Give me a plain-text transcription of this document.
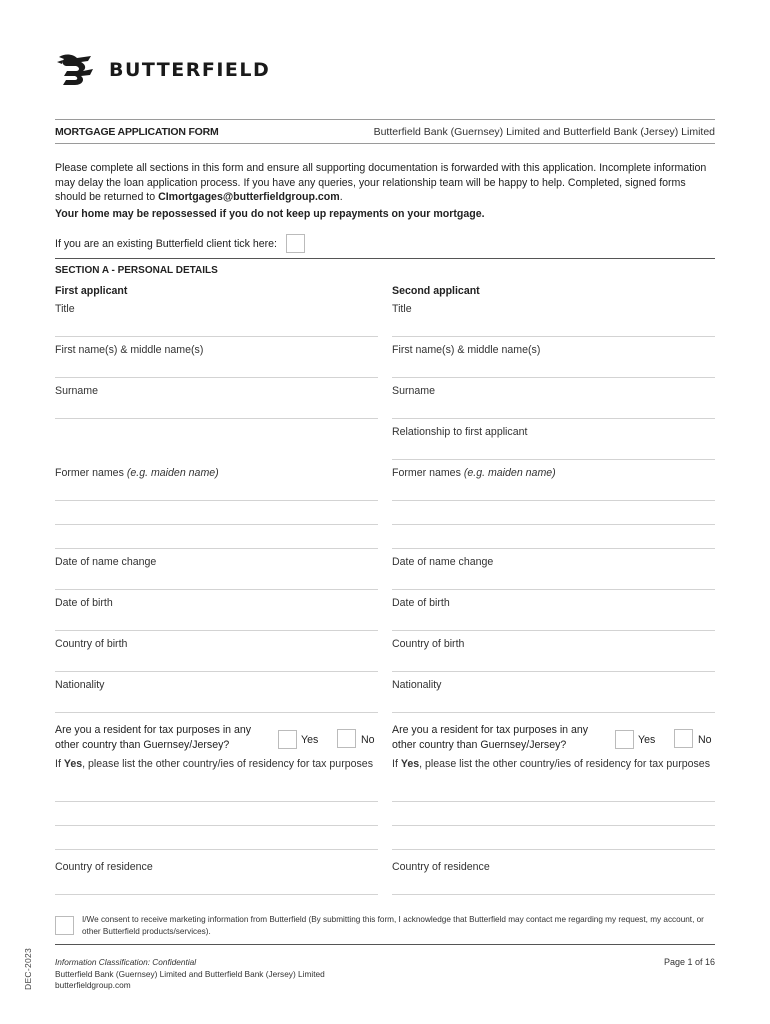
BUTTERFIELD
MORTGAGE APPLICATION FORM	Butterfield Bank (Guernsey) Limited and Butterfield Bank (Jersey) Limited
Please complete all sections in this form and ensure all supporting documentation is forwarded with this application. Incomplete information may delay the loan application process. If you have any queries, your relationship team will be happy to help. Completed, signed forms should be returned to CImortgages@butterfieldgroup.com.
Your home may be repossessed if you do not keep up repayments on your mortgage.
If you are an existing Butterfield client tick here:
SECTION A - PERSONAL DETAILS
First applicant
Title
First name(s) & middle name(s)
Surname
Former names (e.g. maiden name)
Date of name change
Date of birth
Country of birth
Nationality
Are you a resident for tax purposes in any other country than Guernsey/Jersey?	Yes	No
If Yes, please list the other country/ies of residency for tax purposes
Country of residence
Second applicant
Title
First name(s) & middle name(s)
Surname
Relationship to first applicant
Former names (e.g. maiden name)
Date of name change
Date of birth
Country of birth
Nationality
Are you a resident for tax purposes in any other country than Guernsey/Jersey?	Yes	No
If Yes, please list the other country/ies of residency for tax purposes
Country of residence
I/We consent to receive marketing information from Butterfield (By submitting this form, I acknowledge that Butterfield may contact me regarding my request, my account, or other Butterfield products/services).
Information Classification: Confidential
Butterfield Bank (Guernsey) Limited and Butterfield Bank (Jersey) Limited
butterfieldgroup.com
Page 1 of 16
DEC-2023
